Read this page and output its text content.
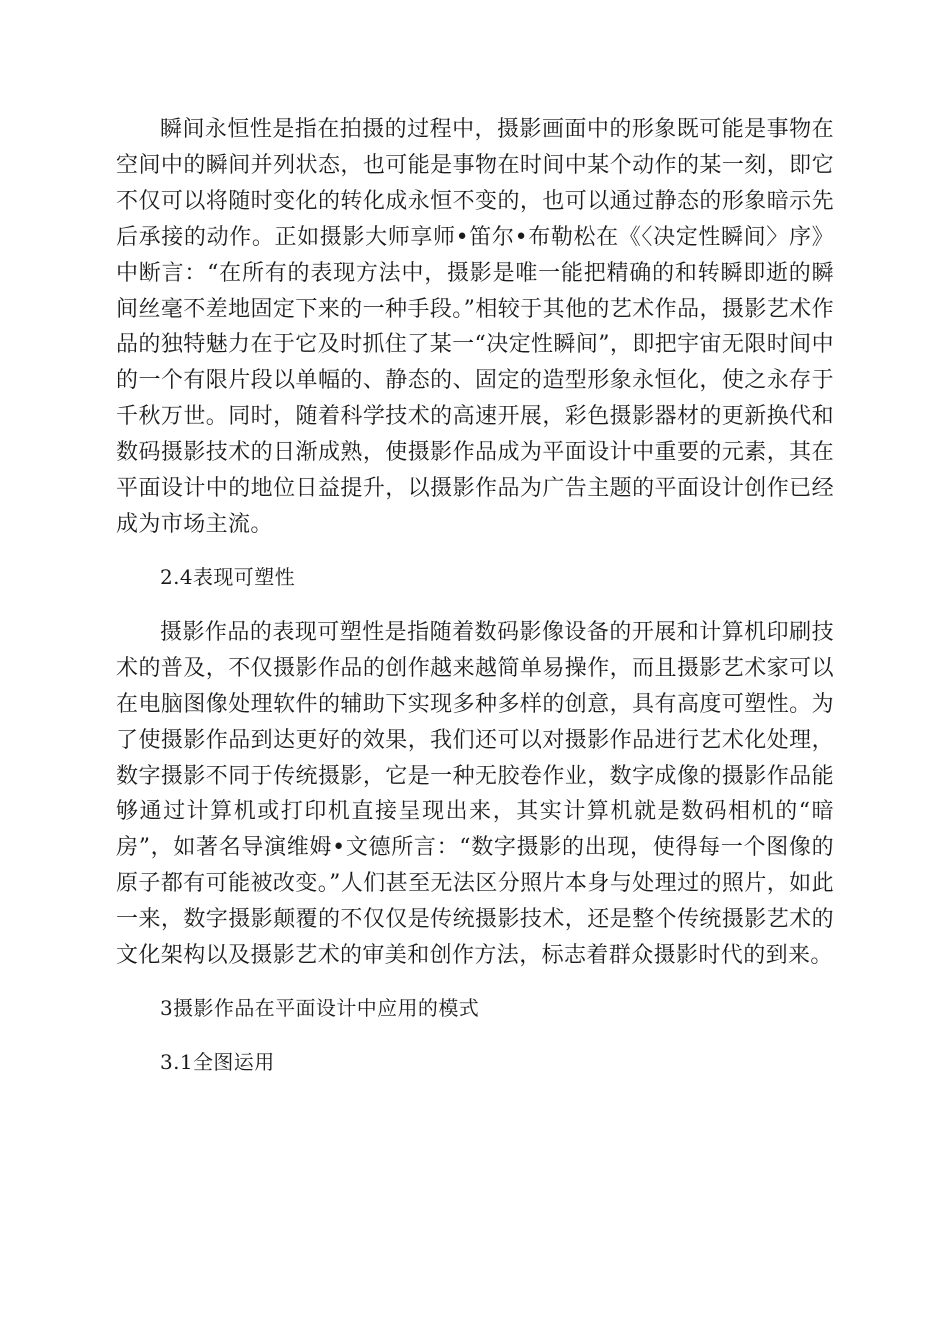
瞬间永恒性是指在拍摄的过程中，摄影画面中的形象既可能是事物在空间中的瞬间并列状态，也可能是事物在时间中某个动作的某一刻，即它不仅可以将随时变化的转化成永恒不变的，也可以通过静态的形象暗示先后承接的动作。正如摄影大师享师•笛尔•布勒松在《〈决定性瞬间〉序》中断言：“在所有的表现方法中，摄影是唯一能把精确的和转瞬即逝的瞬间丝毫不差地固定下来的一种手段。”相较于其他的艺术作品，摄影艺术作品的独特魅力在于它及时抓住了某一“决定性瞬间”，即把宇宙无限时间中的一个有限片段以单幅的、静态的、固定的造型形象永恒化，使之永存于千秋万世。同时，随着科学技术的高速开展，彩色摄影器材的更新换代和数码摄影技术的日渐成熟，使摄影作品成为平面设计中重要的元素，其在平面设计中的地位日益提升，以摄影作品为广告主题的平面设计创作已经成为市场主流。

2.4表现可塑性

摄影作品的表现可塑性是指随着数码影像设备的开展和计算机印刷技术的普及，不仅摄影作品的创作越来越简单易操作，而且摄影艺术家可以在电脑图像处理软件的辅助下实现多种多样的创意，具有高度可塑性。为了使摄影作品到达更好的效果，我们还可以对摄影作品进行艺术化处理，数字摄影不同于传统摄影，它是一种无胶卷作业，数字成像的摄影作品能够通过计算机或打印机直接呈现出来，其实计算机就是数码相机的“暗房”，如著名导演维姆•文德所言：“数字摄影的出现，使得每一个图像的原子都有可能被改变。”人们甚至无法区分照片本身与处理过的照片，如此一来，数字摄影颠覆的不仅仅是传统摄影技术，还是整个传统摄影艺术的文化架构以及摄影艺术的审美和创作方法，标志着群众摄影时代的到来。

3摄影作品在平面设计中应用的模式

3.1全图运用
